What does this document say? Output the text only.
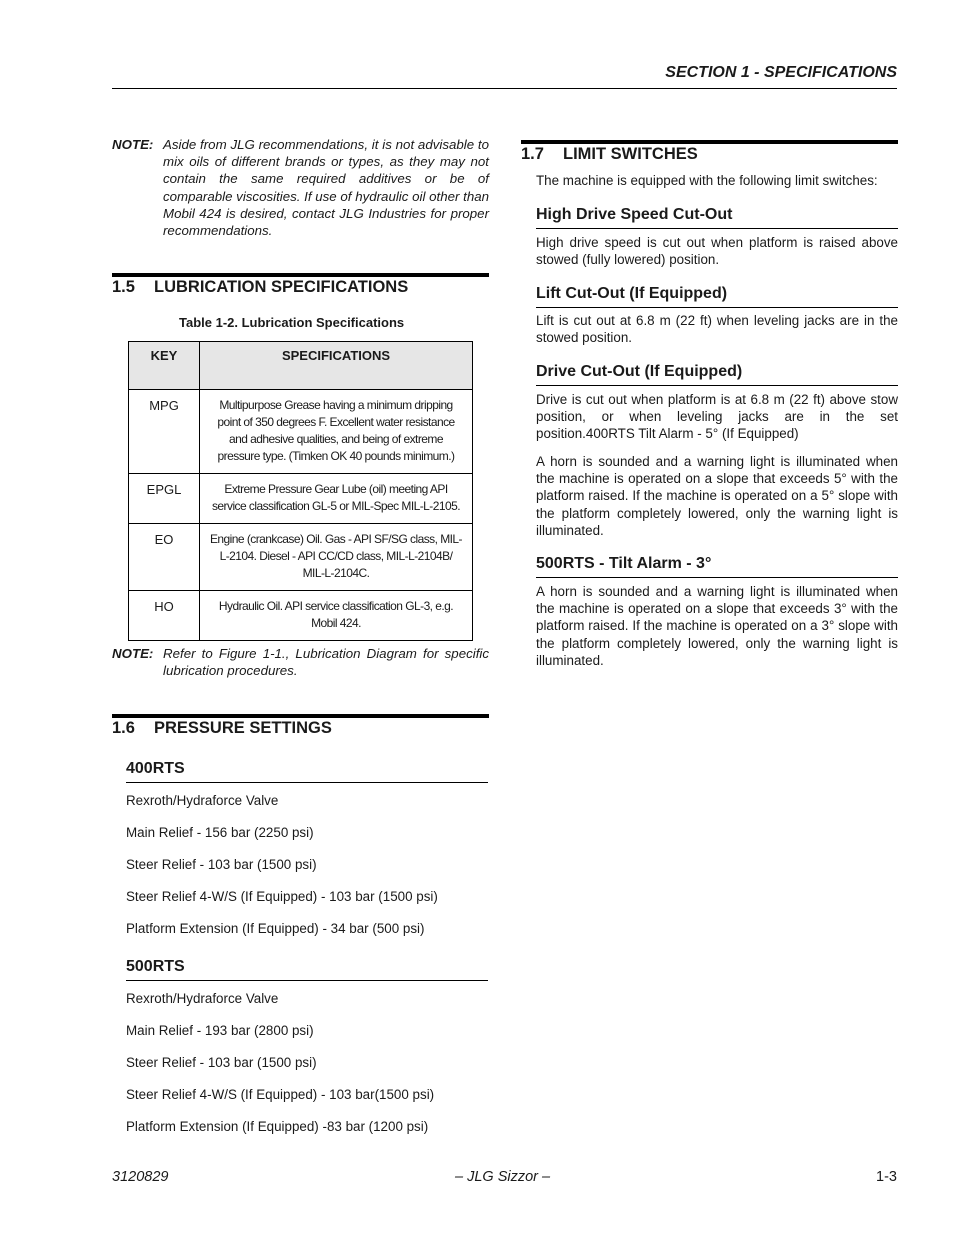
SECTION 1 - SPECIFICATIONS
NOTE: Aside from JLG recommendations, it is not advisable to mix oils of different brands or types, as they may not contain the same required additives or be of comparable viscosities. If use of hydraulic oil other than Mobil 424 is desired, contact JLG Industries for proper recommendations.
1.5 LUBRICATION SPECIFICATIONS
Table 1-2. Lubrication Specifications
KEY	SPECIFICATIONS
MPG	Multipurpose Grease having a minimum dripping point of 350 degrees F. Excellent water resistance and adhesive qualities, and being of extreme pressure type. (Timken OK 40 pounds minimum.)
EPGL	Extreme Pressure Gear Lube (oil) meeting API service classification GL-5 or MIL-Spec MIL-L-2105.
EO	Engine (crankcase) Oil. Gas - API SF/SG class, MIL-L-2104. Diesel - API CC/CD class, MIL-L-2104B/ MIL-L-2104C.
HO	Hydraulic Oil. API service classification GL-3, e.g. Mobil 424.
NOTE: Refer to Figure 1-1., Lubrication Diagram for specific lubrication procedures.
1.6 PRESSURE SETTINGS
400RTS
Rexroth/Hydraforce Valve
Main Relief - 156 bar (2250 psi)
Steer Relief - 103 bar (1500 psi)
Steer Relief 4-W/S (If Equipped) - 103 bar (1500 psi)
Platform Extension (If Equipped) - 34 bar (500 psi)
500RTS
Rexroth/Hydraforce Valve
Main Relief - 193 bar (2800 psi)
Steer Relief - 103 bar (1500 psi)
Steer Relief 4-W/S (If Equipped) - 103 bar(1500 psi)
Platform Extension (If Equipped) -83 bar (1200 psi)
1.7 LIMIT SWITCHES
The machine is equipped with the following limit switches:
High Drive Speed Cut-Out
High drive speed is cut out when platform is raised above stowed (fully lowered) position.
Lift Cut-Out (If Equipped)
Lift is cut out at 6.8 m (22 ft) when leveling jacks are in the stowed position.
Drive Cut-Out (If Equipped)
Drive is cut out when platform is at 6.8 m (22 ft) above stow position, or when leveling jacks are in the set position.400RTS Tilt Alarm - 5° (If Equipped)
A horn is sounded and a warning light is illuminated when the machine is operated on a slope that exceeds 5° with the platform raised. If the machine is operated on a 5° slope with the platform completely lowered, only the warning light is illuminated.
500RTS - Tilt Alarm - 3°
A horn is sounded and a warning light is illuminated when the machine is operated on a slope that exceeds 3° with the platform raised. If the machine is operated on a 3° slope with the platform completely lowered, only the warning light is illuminated.
3120829	– JLG Sizzor –	1-3
